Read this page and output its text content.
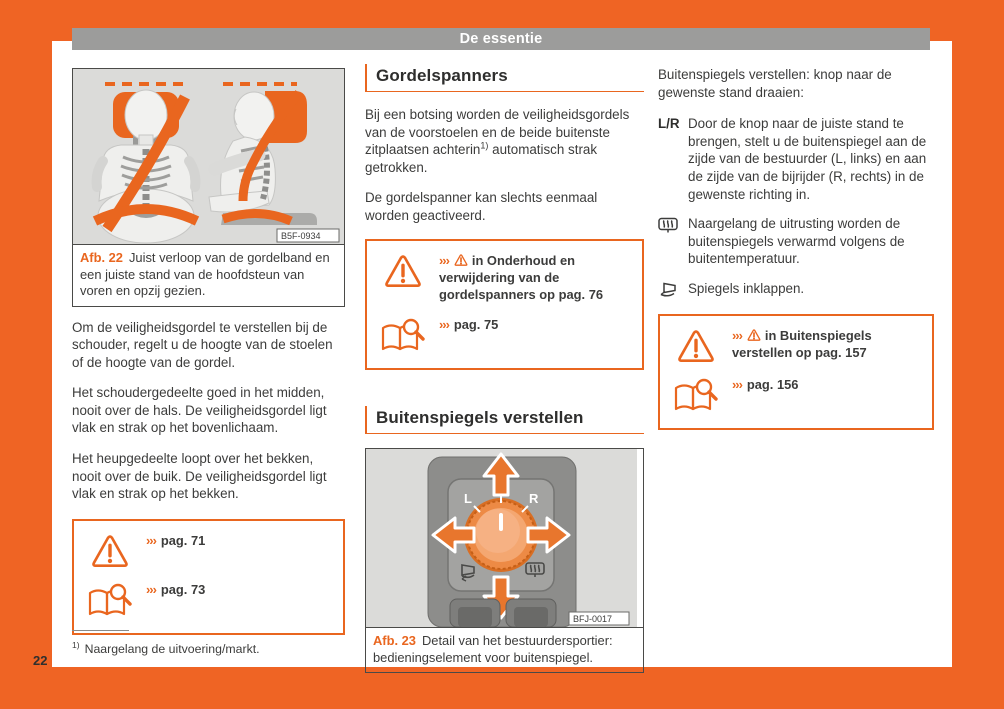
De essentie
B5F-0934
Afb. 22 Juist verloop van de gordelband en een juiste stand van de hoofdsteun van voren en opzij gezien.

Om de veiligheidsgordel te verstellen bij de schouder, regelt u de hoogte van de stoelen of de hoogte van de gordel.

Het schoudergedeelte goed in het midden, nooit over de hals. De veiligheidsgordel ligt vlak en strak op het bovenlichaam.

Het heupgedeelte loopt over het bekken, nooit over de buik. De veiligheidsgordel ligt vlak en strak op het bekken.

››› pag. 71

››› pag. 73

Gordelspanners

Bij een botsing worden de veiligheidsgordels van de voorstoelen en de beide buitenste zitplaatsen achterin$^{1)}$ automatisch strak getrokken.

De gordelspanner kan slechts eenmaal worden geactiveerd.

››› in Onderhoud en verwijdering van de gordelspanners op pag. 76

››› pag. 75

Buitenspiegels verstellen
L	R
BFJ-0017
Afb. 23 Detail van het bestuurdersportier: bedieningselement voor buitenspiegel.

Buitenspiegels verstellen: knop naar de gewenste stand draaien:

L/R Door de knop naar de juiste stand te brengen, stelt u de buitenspiegel aan de zijde van de bestuurder (L, links) en aan de zijde van de bijrijder (R, rechts) in de gewenste richting in.

Naargelang de uitrusting worden de buitenspiegels verwarmd volgens de buitentemperatuur.

Spiegels inklappen.

››› in Buitenspiegels verstellen op pag. 157

››› pag. 156

$^{1)}$ Naargelang de uitvoering/markt.
22
